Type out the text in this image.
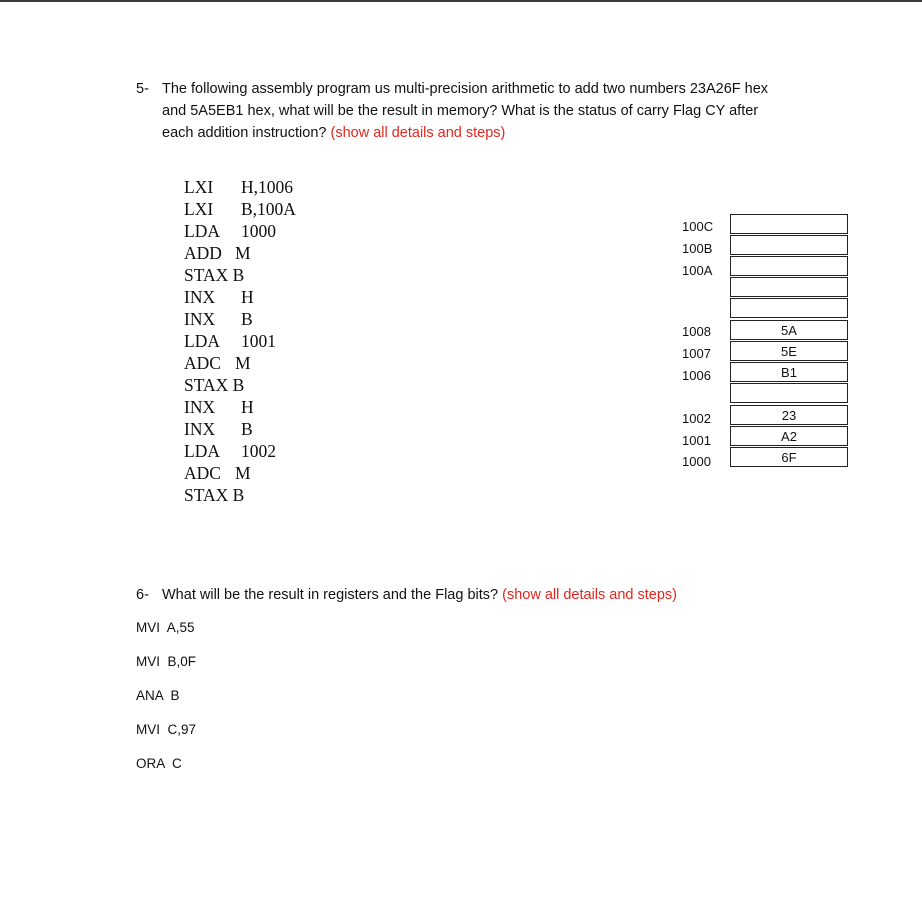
5- The following assembly program us multi-precision arithmetic to add two numbers 23A26F hex
and 5A5EB1 hex, what will be the result in memory? What is the status of carry Flag CY after
each addition instruction? (show all details and steps)
LXI H,1006
LXI B,100A
LDA 1000
ADD M
STAX B
INX H
INX B
LDA 1001
ADC M
STAX B
INX H
INX B
LDA 1002
ADC M
STAX B
100C
100B
100A
1008
1007
1006
5A
5E
B1
1002
1001
1000
23
A2
6F
6- What will be the result in registers and the Flag bits? (show all details and steps)
MVI  A,55
MVI  B,0F
ANA  B
MVI  C,97
ORA  C
